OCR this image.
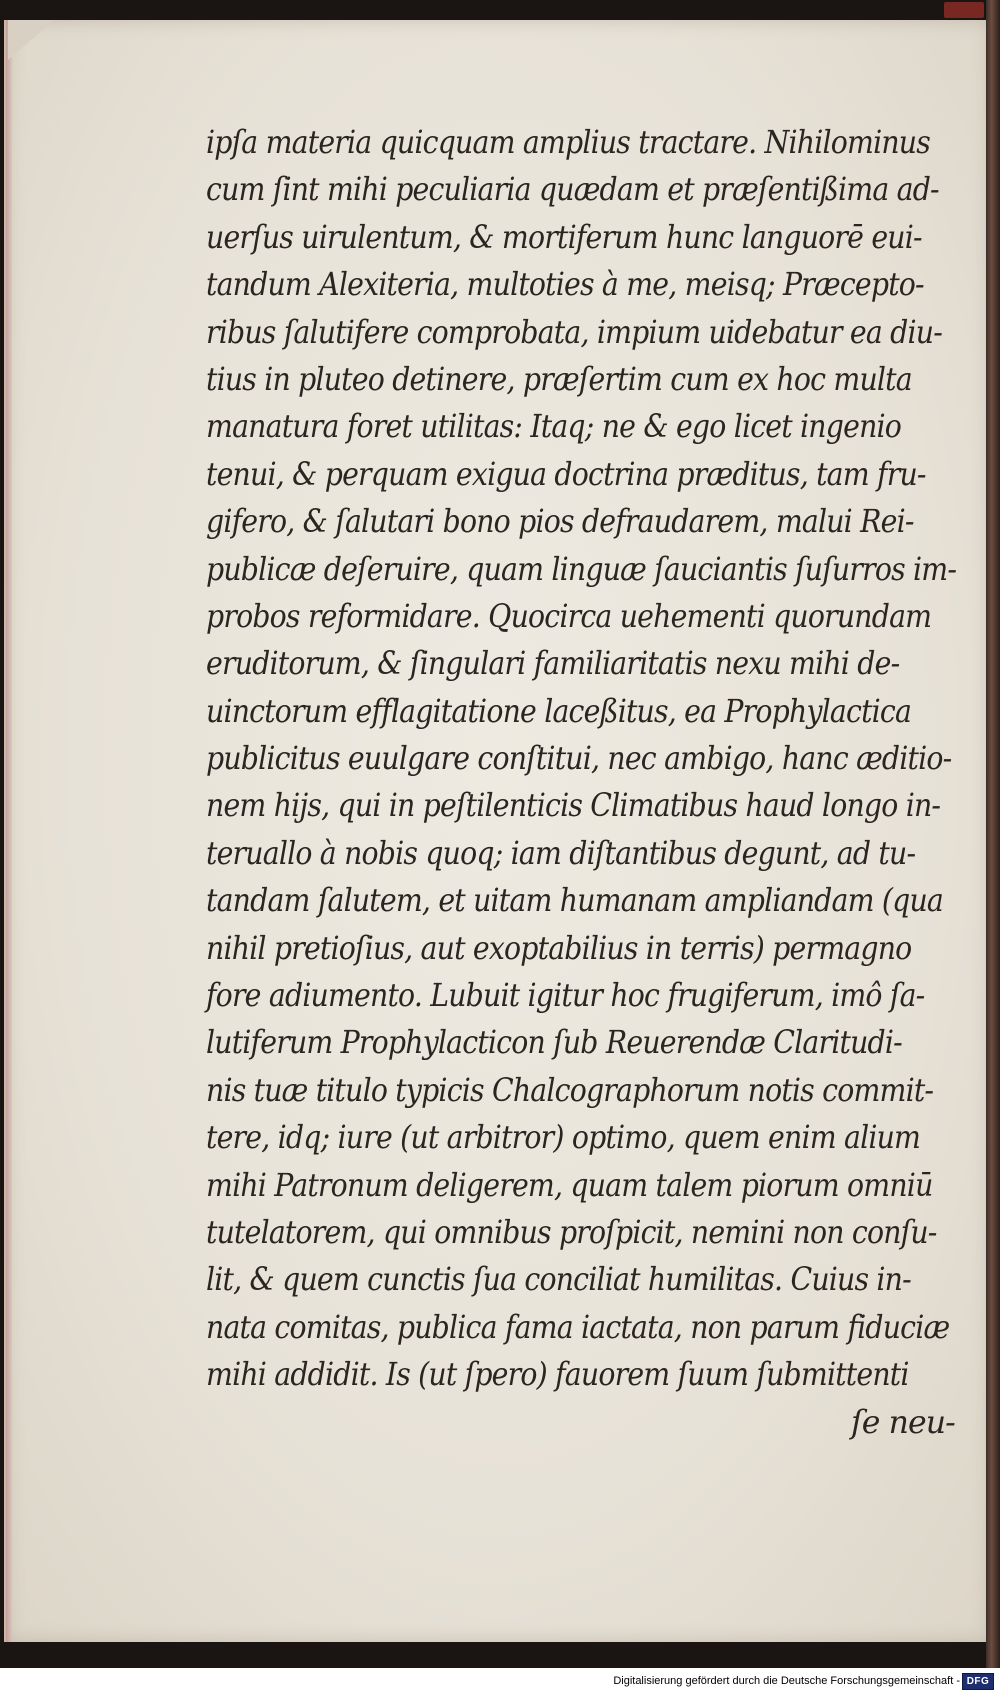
ipſa materia quicquam amplius tractare. Nihilominus
cum ſint mihi peculiaria quædam et præſentißima ad-
uerſus uirulentum, & mortiferum hunc languorē eui-
tandum Alexiteria, multoties à me, meisq; Præcepto-
ribus ſalutifere comprobata, impium uidebatur ea diu-
tius in pluteo detinere, præſertim cum ex hoc multa
manatura foret utilitas: Itaq; ne & ego licet ingenio
tenui, & perquam exigua doctrina præditus, tam fru-
gifero, & ſalutari bono pios defraudarem, malui Rei-
publicæ deſeruire, quam linguæ ſauciantis ſuſurros im-
probos reformidare. Quocirca uehementi quorundam
eruditorum, & ſingulari familiaritatis nexu mihi de-
uinctorum efflagitatione laceßitus, ea Prophylactica
publicitus euulgare conſtitui, nec ambigo, hanc æditio-
nem hijs, qui in peſtilenticis Climatibus haud longo in-
teruallo à nobis quoq; iam diſtantibus degunt, ad tu-
tandam ſalutem, et uitam humanam ampliandam (qua
nihil pretioſius, aut exoptabilius in terris) permagno
fore adiumento. Lubuit igitur hoc frugiferum, imô ſa-
lutiferum Prophylacticon ſub Reuerendæ Claritudi-
nis tuæ titulo typicis Chalcographorum notis commit-
tere, idq; iure (ut arbitror) optimo, quem enim alium
mihi Patronum deligerem, quam talem piorum omniū
tutelatorem, qui omnibus proſpicit, nemini non conſu-
lit, & quem cunctis ſua conciliat humilitas. Cuius in-
nata comitas, publica fama iactata, non parum fiduciæ
mihi addidit. Is (ut ſpero) fauorem ſuum ſubmittenti
ſe neu-
Digitalisierung gefördert durch die Deutsche Forschungsgemeinschaft - DFG
